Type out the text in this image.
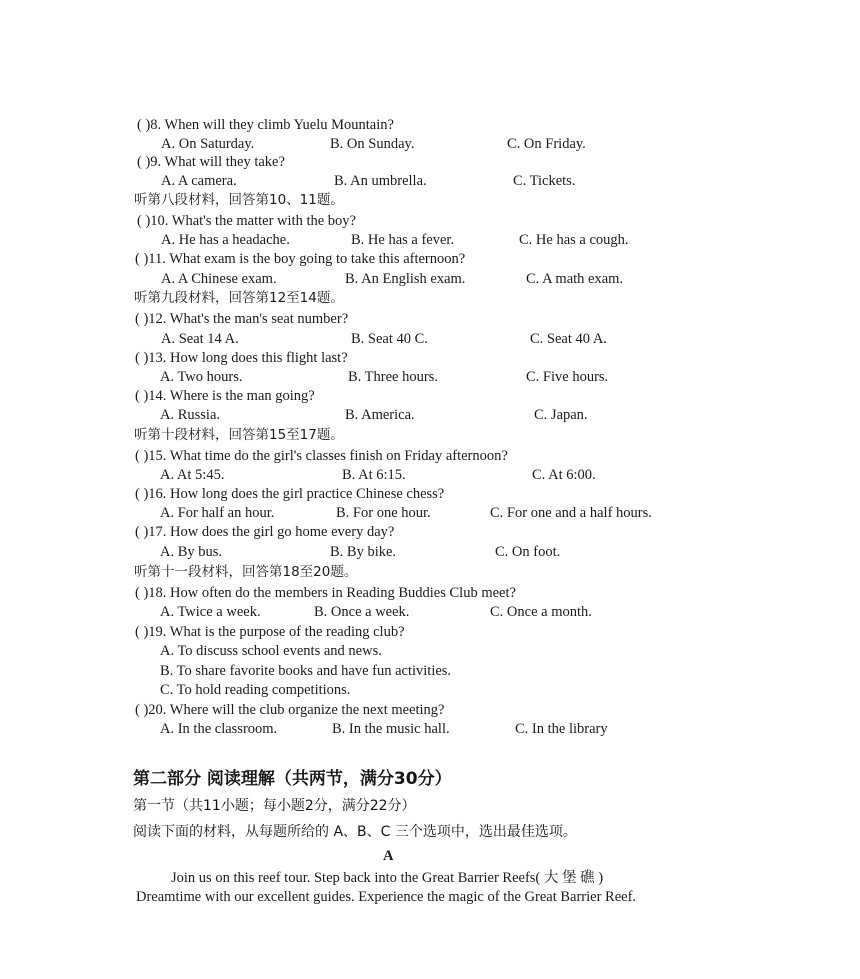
( )8. When will they climb Yuelu Mountain?
A. On Saturday.	B. On Sunday.	C. On Friday.
( )9. What will they take?
A. A camera.	B. An umbrella.	C. Tickets.
听第八段材料，回答第10、11题。
( )10. What's the matter with the boy?
A. He has a headache.	B. He has a fever.	C. He has a cough.
( )11. What exam is the boy going to take this afternoon?
A. A Chinese exam.	B. An English exam.	C. A math exam.
听第九段材料，回答第12至14题。
( )12. What's the man's seat number?
A. Seat 14 A.	B. Seat 40 C.	C. Seat 40 A.
( )13. How long does this flight last?
A. Two hours.	B. Three hours.	C. Five hours.
( )14. Where is the man going?
A. Russia.	B. America.	C. Japan.
听第十段材料，回答第15至17题。
( )15. What time do the girl's classes finish on Friday afternoon?
A. At 5:45.	B. At 6:15.	C. At 6:00.
( )16. How long does the girl practice Chinese chess?
A. For half an hour.	B. For one hour.	C. For one and a half hours.
( )17. How does the girl go home every day?
A. By bus.	B. By bike.	C. On foot.
听第十一段材料，回答第18至20题。
( )18. How often do the members in Reading Buddies Club meet?
A. Twice a week.	B. Once a week.	C. Once a month.
( )19. What is the purpose of the reading club?
A. To discuss school events and news.
B. To share favorite books and have fun activities.
C. To hold reading competitions.
( )20. Where will the club organize the next meeting?
A. In the classroom.	B. In the music hall.	C. In the library
第二部分 阅读理解（共两节，满分30分）
第一节（共11小题；每小题2分，满分22分）
阅读下面的材料，从每题所给的 A、B、C 三个选项中，选出最佳选项。
A
Join us on this reef tour. Step back into the Great Barrier Reefs( 大 堡 礁 )
Dreamtime with our excellent guides. Experience the magic of the Great Barrier Reef.
